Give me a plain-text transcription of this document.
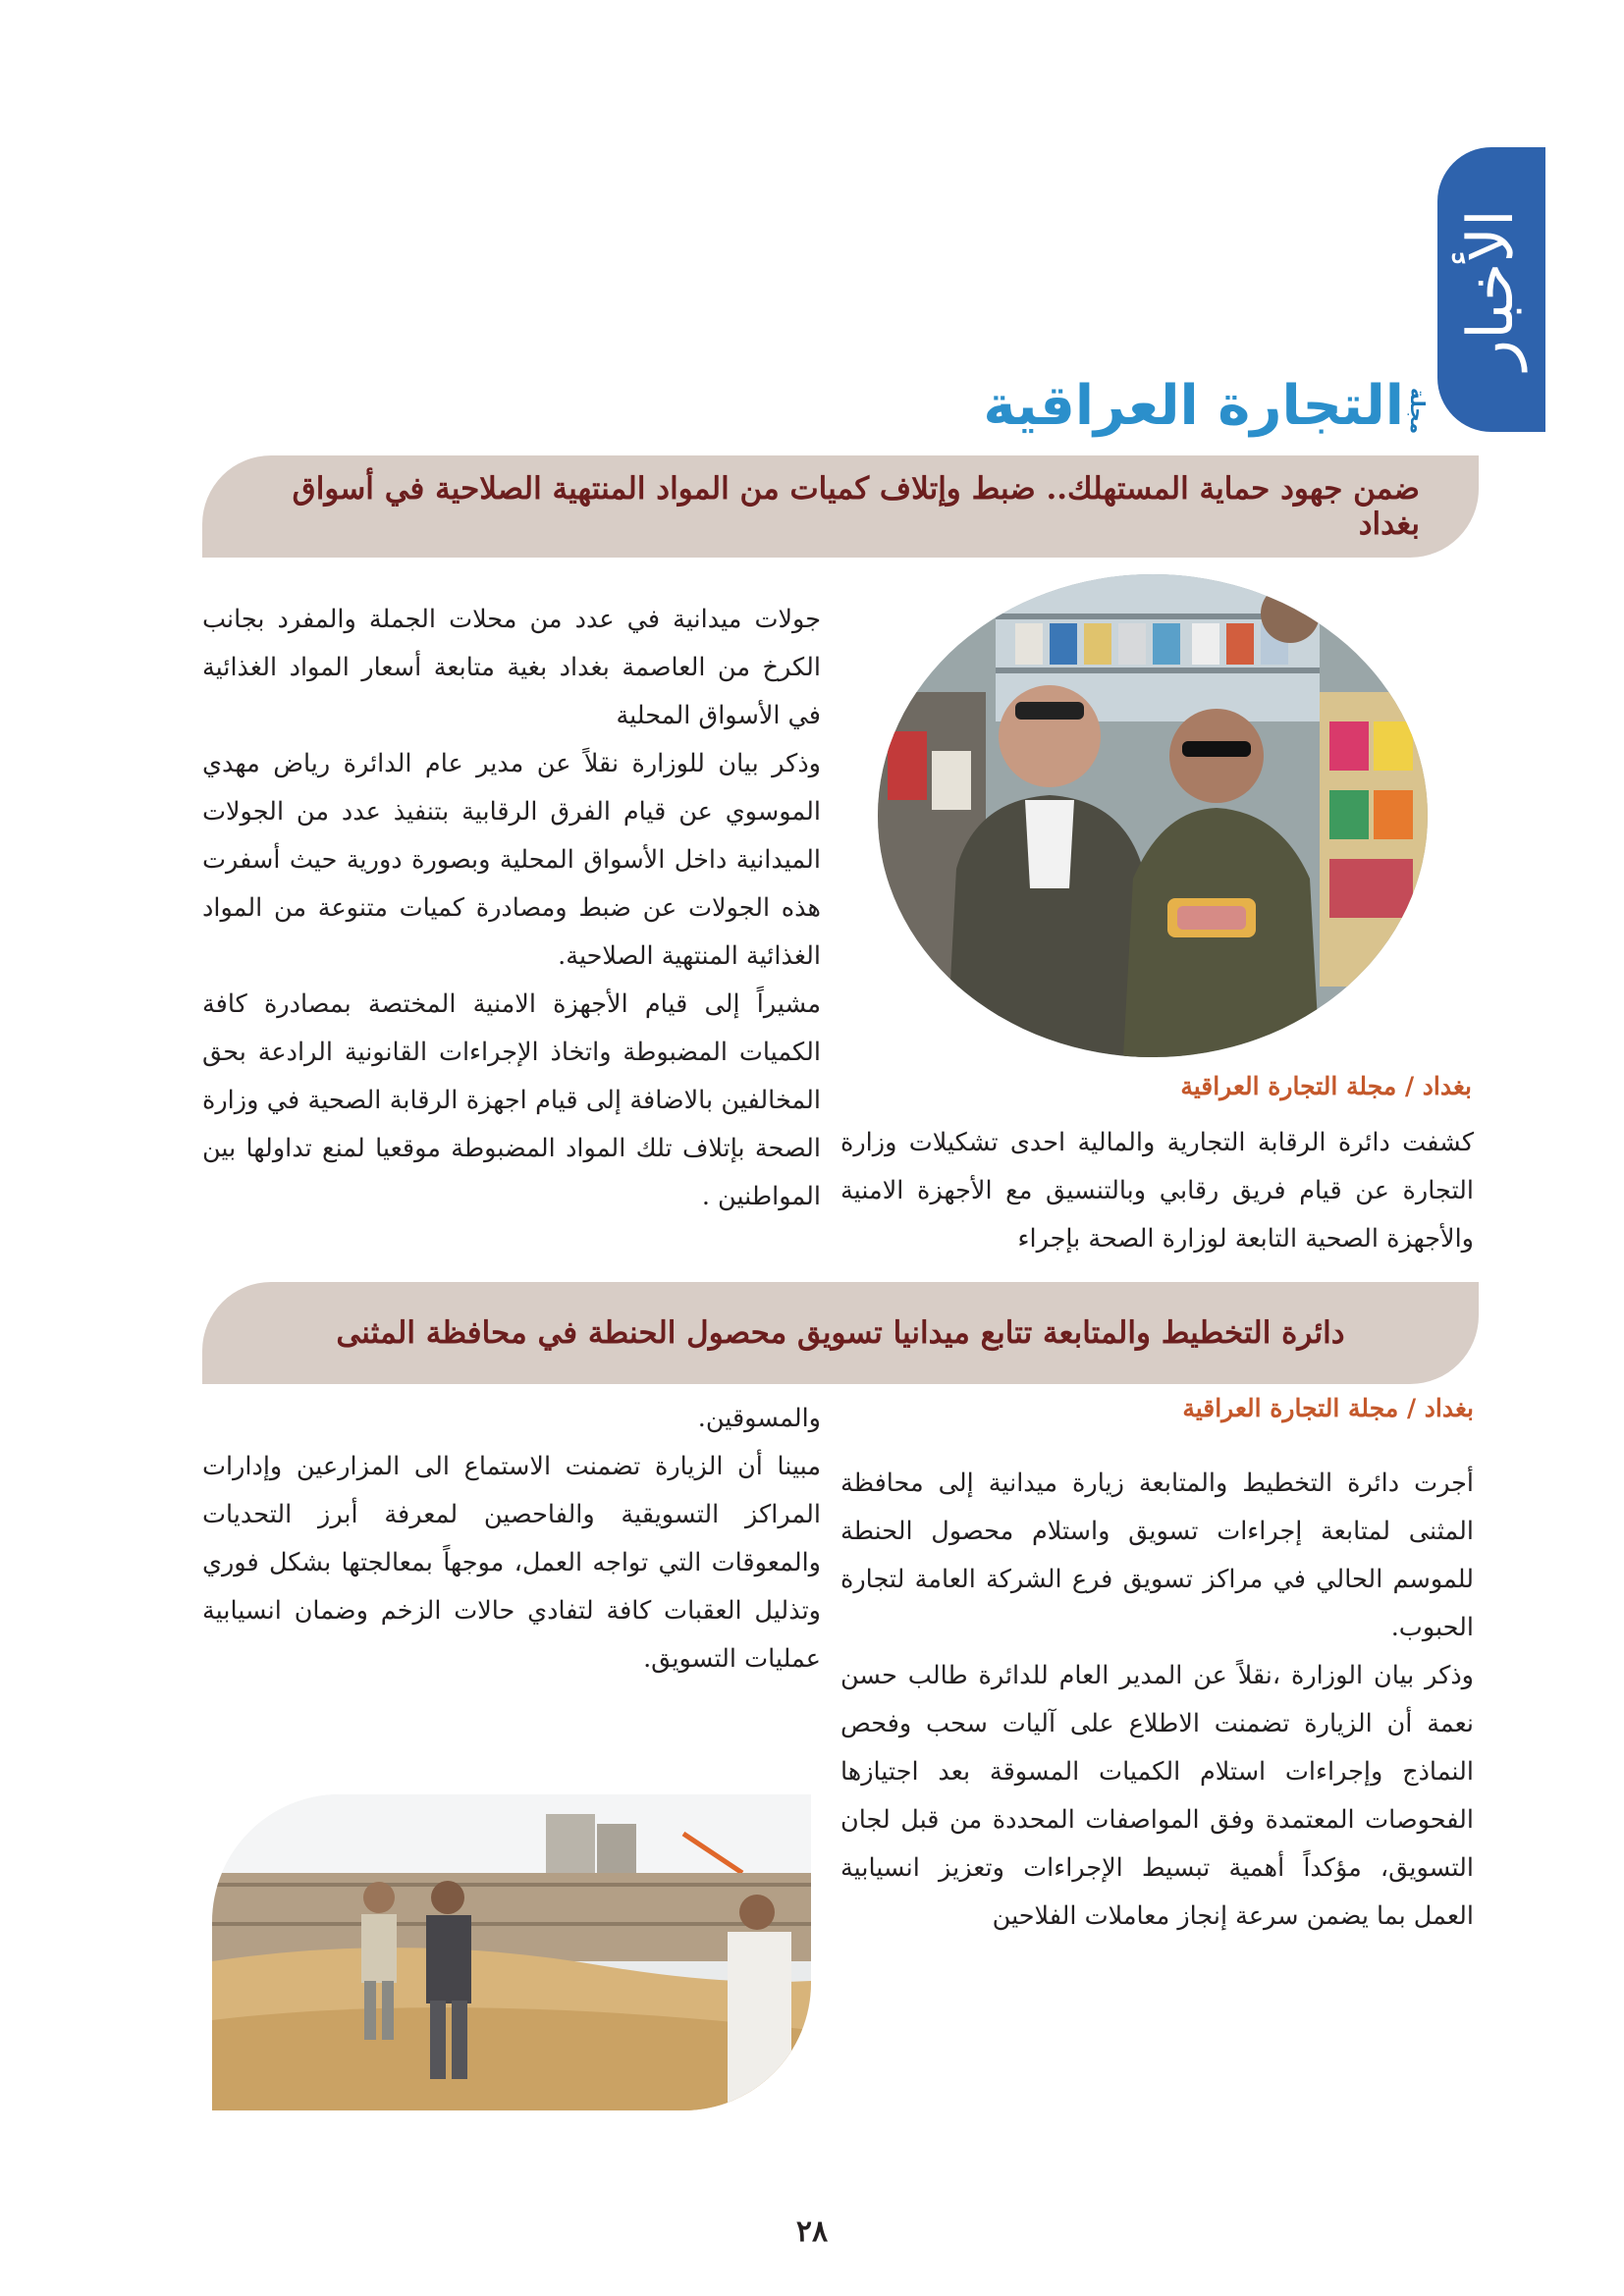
الأخبار
مجلة
التجارة العراقية
ضمن جهود حماية المستهلك.. ضبط وإتلاف كميات من المواد المنتهية الصلاحية في أسواق بغداد
بغداد / مجلة التجارة العراقية

كشفت دائرة الرقابة التجارية والمالية احدى تشكيلات وزارة التجارة عن قيام فريق رقابي وبالتنسيق مع الأجهزة الامنية والأجهزة الصحية التابعة لوزارة الصحة بإجراء

جولات ميدانية في عدد من محلات الجملة والمفرد بجانب الكرخ من العاصمة بغداد بغية متابعة أسعار المواد الغذائية في الأسواق المحلية

وذكر بيان للوزارة نقلاً عن مدير عام الدائرة رياض مهدي الموسوي عن قيام الفرق الرقابية بتنفيذ عدد من الجولات الميدانية داخل الأسواق المحلية وبصورة دورية حيث أسفرت هذه الجولات عن ضبط ومصادرة كميات متنوعة من المواد الغذائية المنتهية الصلاحية.

مشيراً إلى قيام الأجهزة الامنية المختصة بمصادرة كافة الكميات المضبوطة واتخاذ الإجراءات القانونية الرادعة بحق المخالفين بالاضافة إلى قيام اجهزة الرقابة الصحية في وزارة الصحة بإتلاف تلك المواد المضبوطة موقعيا لمنع تداولها بين المواطنين .

دائرة التخطيط والمتابعة تتابع ميدانيا تسويق محصول الحنطة في محافظة المثنى
بغداد / مجلة التجارة العراقية

أجرت دائرة التخطيط والمتابعة زيارة ميدانية إلى محافظة المثنى لمتابعة إجراءات تسويق واستلام محصول الحنطة للموسم الحالي في مراكز تسويق فرع الشركة العامة لتجارة الحبوب.

وذكر بيان الوزارة ،نقلاً عن المدير العام للدائرة طالب حسن نعمة أن الزيارة تضمنت الاطلاع على آليات سحب وفحص النماذج وإجراءات استلام الكميات المسوقة بعد اجتيازها الفحوصات المعتمدة وفق المواصفات المحددة من قبل لجان التسويق، مؤكداً أهمية تبسيط الإجراءات وتعزيز انسيابية العمل بما يضمن سرعة إنجاز معاملات الفلاحين

والمسوقين.

مبينا أن الزيارة تضمنت الاستماع الى المزارعين وإدارات المراكز التسويقية والفاحصين لمعرفة أبرز التحديات والمعوقات التي تواجه العمل، موجهاً بمعالجتها بشكل فوري وتذليل العقبات كافة لتفادي حالات الزخم وضمان انسيابية عمليات التسويق.

٢٨
